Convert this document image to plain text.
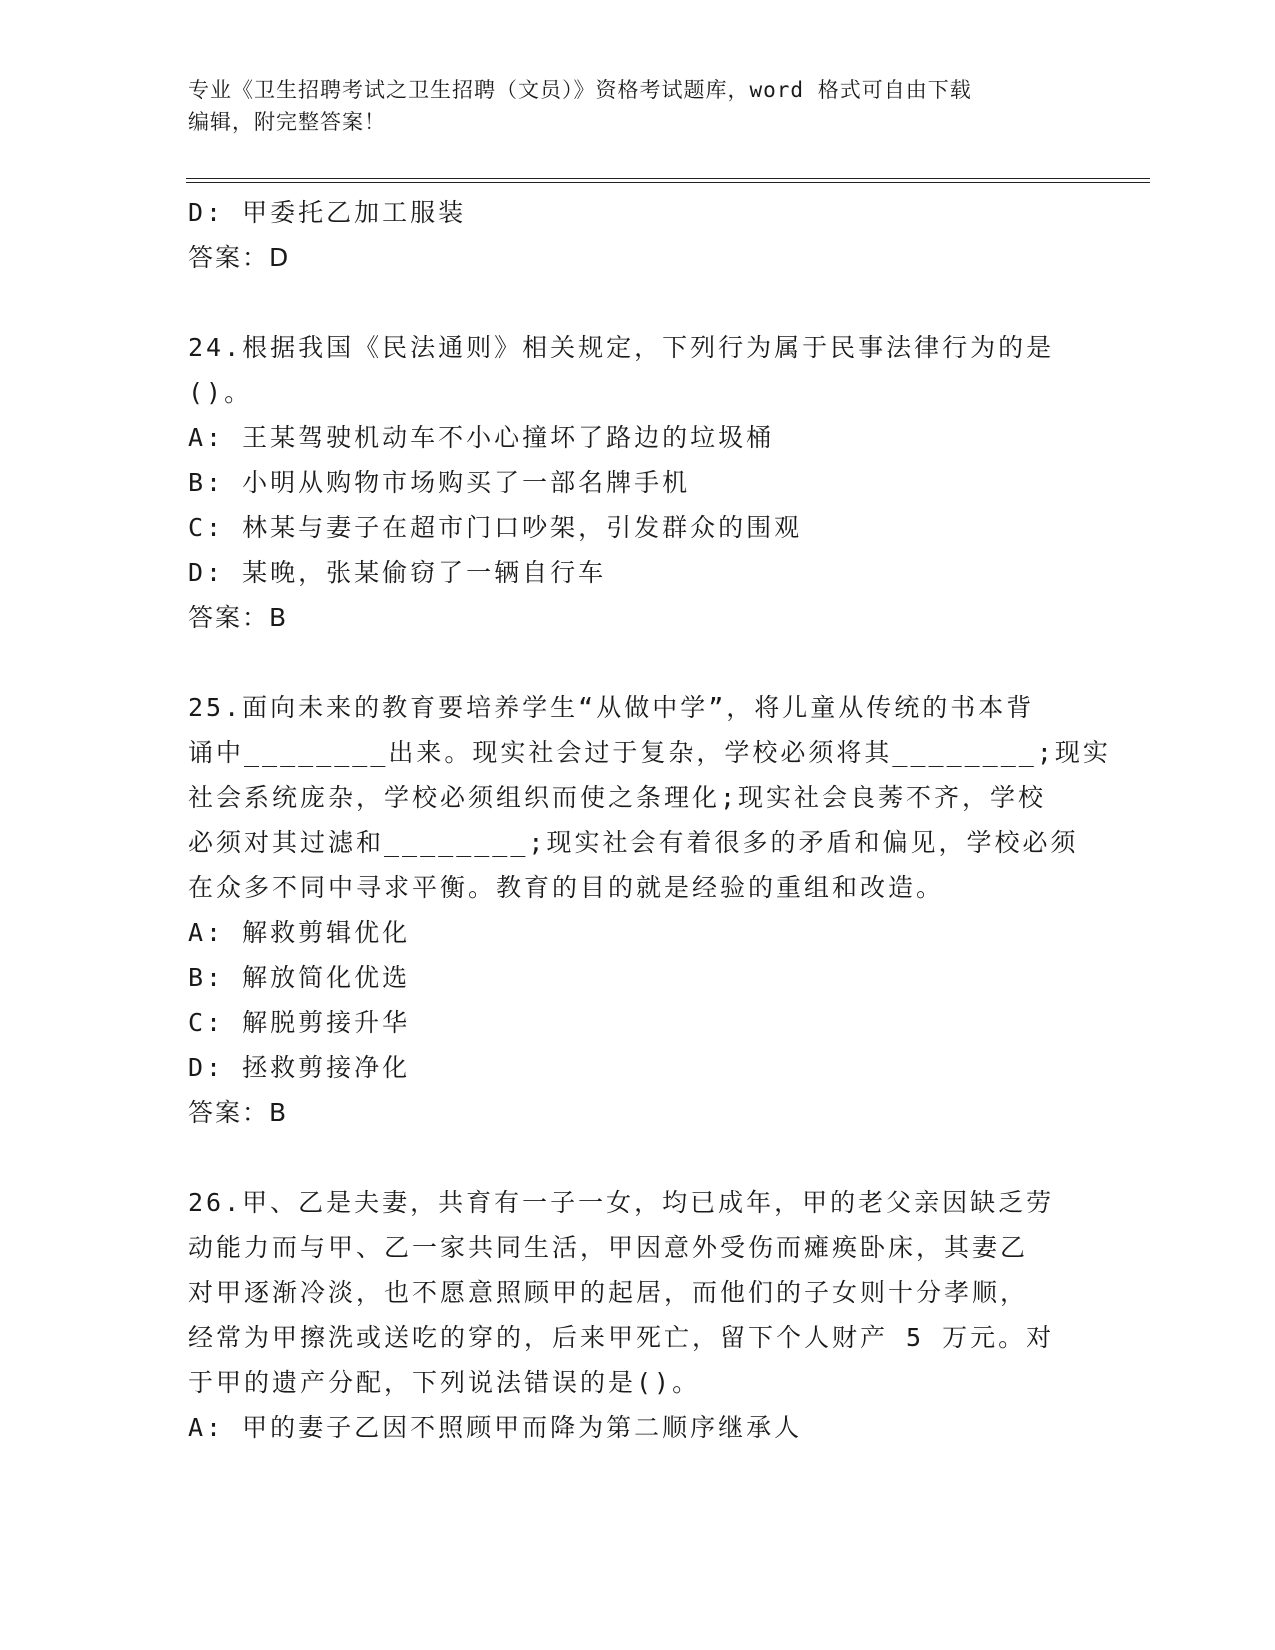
专业《卫生招聘考试之卫生招聘（文员）》资格考试题库，word 格式可自由下载
编辑，附完整答案！
D: 甲委托乙加工服装
答案：D
24.根据我国《民法通则》相关规定，下列行为属于民事法律行为的是
()。
A: 王某驾驶机动车不小心撞坏了路边的垃圾桶
B: 小明从购物市场购买了一部名牌手机
C: 林某与妻子在超市门口吵架，引发群众的围观
D: 某晚，张某偷窃了一辆自行车
答案：B
25.面向未来的教育要培养学生“从做中学”，将儿童从传统的书本背
诵中________出来。现实社会过于复杂，学校必须将其________;现实
社会系统庞杂，学校必须组织而使之条理化;现实社会良莠不齐，学校
必须对其过滤和________;现实社会有着很多的矛盾和偏见，学校必须
在众多不同中寻求平衡。教育的目的就是经验的重组和改造。
A: 解救剪辑优化
B: 解放简化优选
C: 解脱剪接升华
D: 拯救剪接净化
答案：B
26.甲、乙是夫妻，共育有一子一女，均已成年，甲的老父亲因缺乏劳
动能力而与甲、乙一家共同生活，甲因意外受伤而瘫痪卧床，其妻乙
对甲逐渐冷淡，也不愿意照顾甲的起居，而他们的子女则十分孝顺，
经常为甲擦洗或送吃的穿的，后来甲死亡，留下个人财产 5 万元。对
于甲的遗产分配，下列说法错误的是()。
A: 甲的妻子乙因不照顾甲而降为第二顺序继承人
